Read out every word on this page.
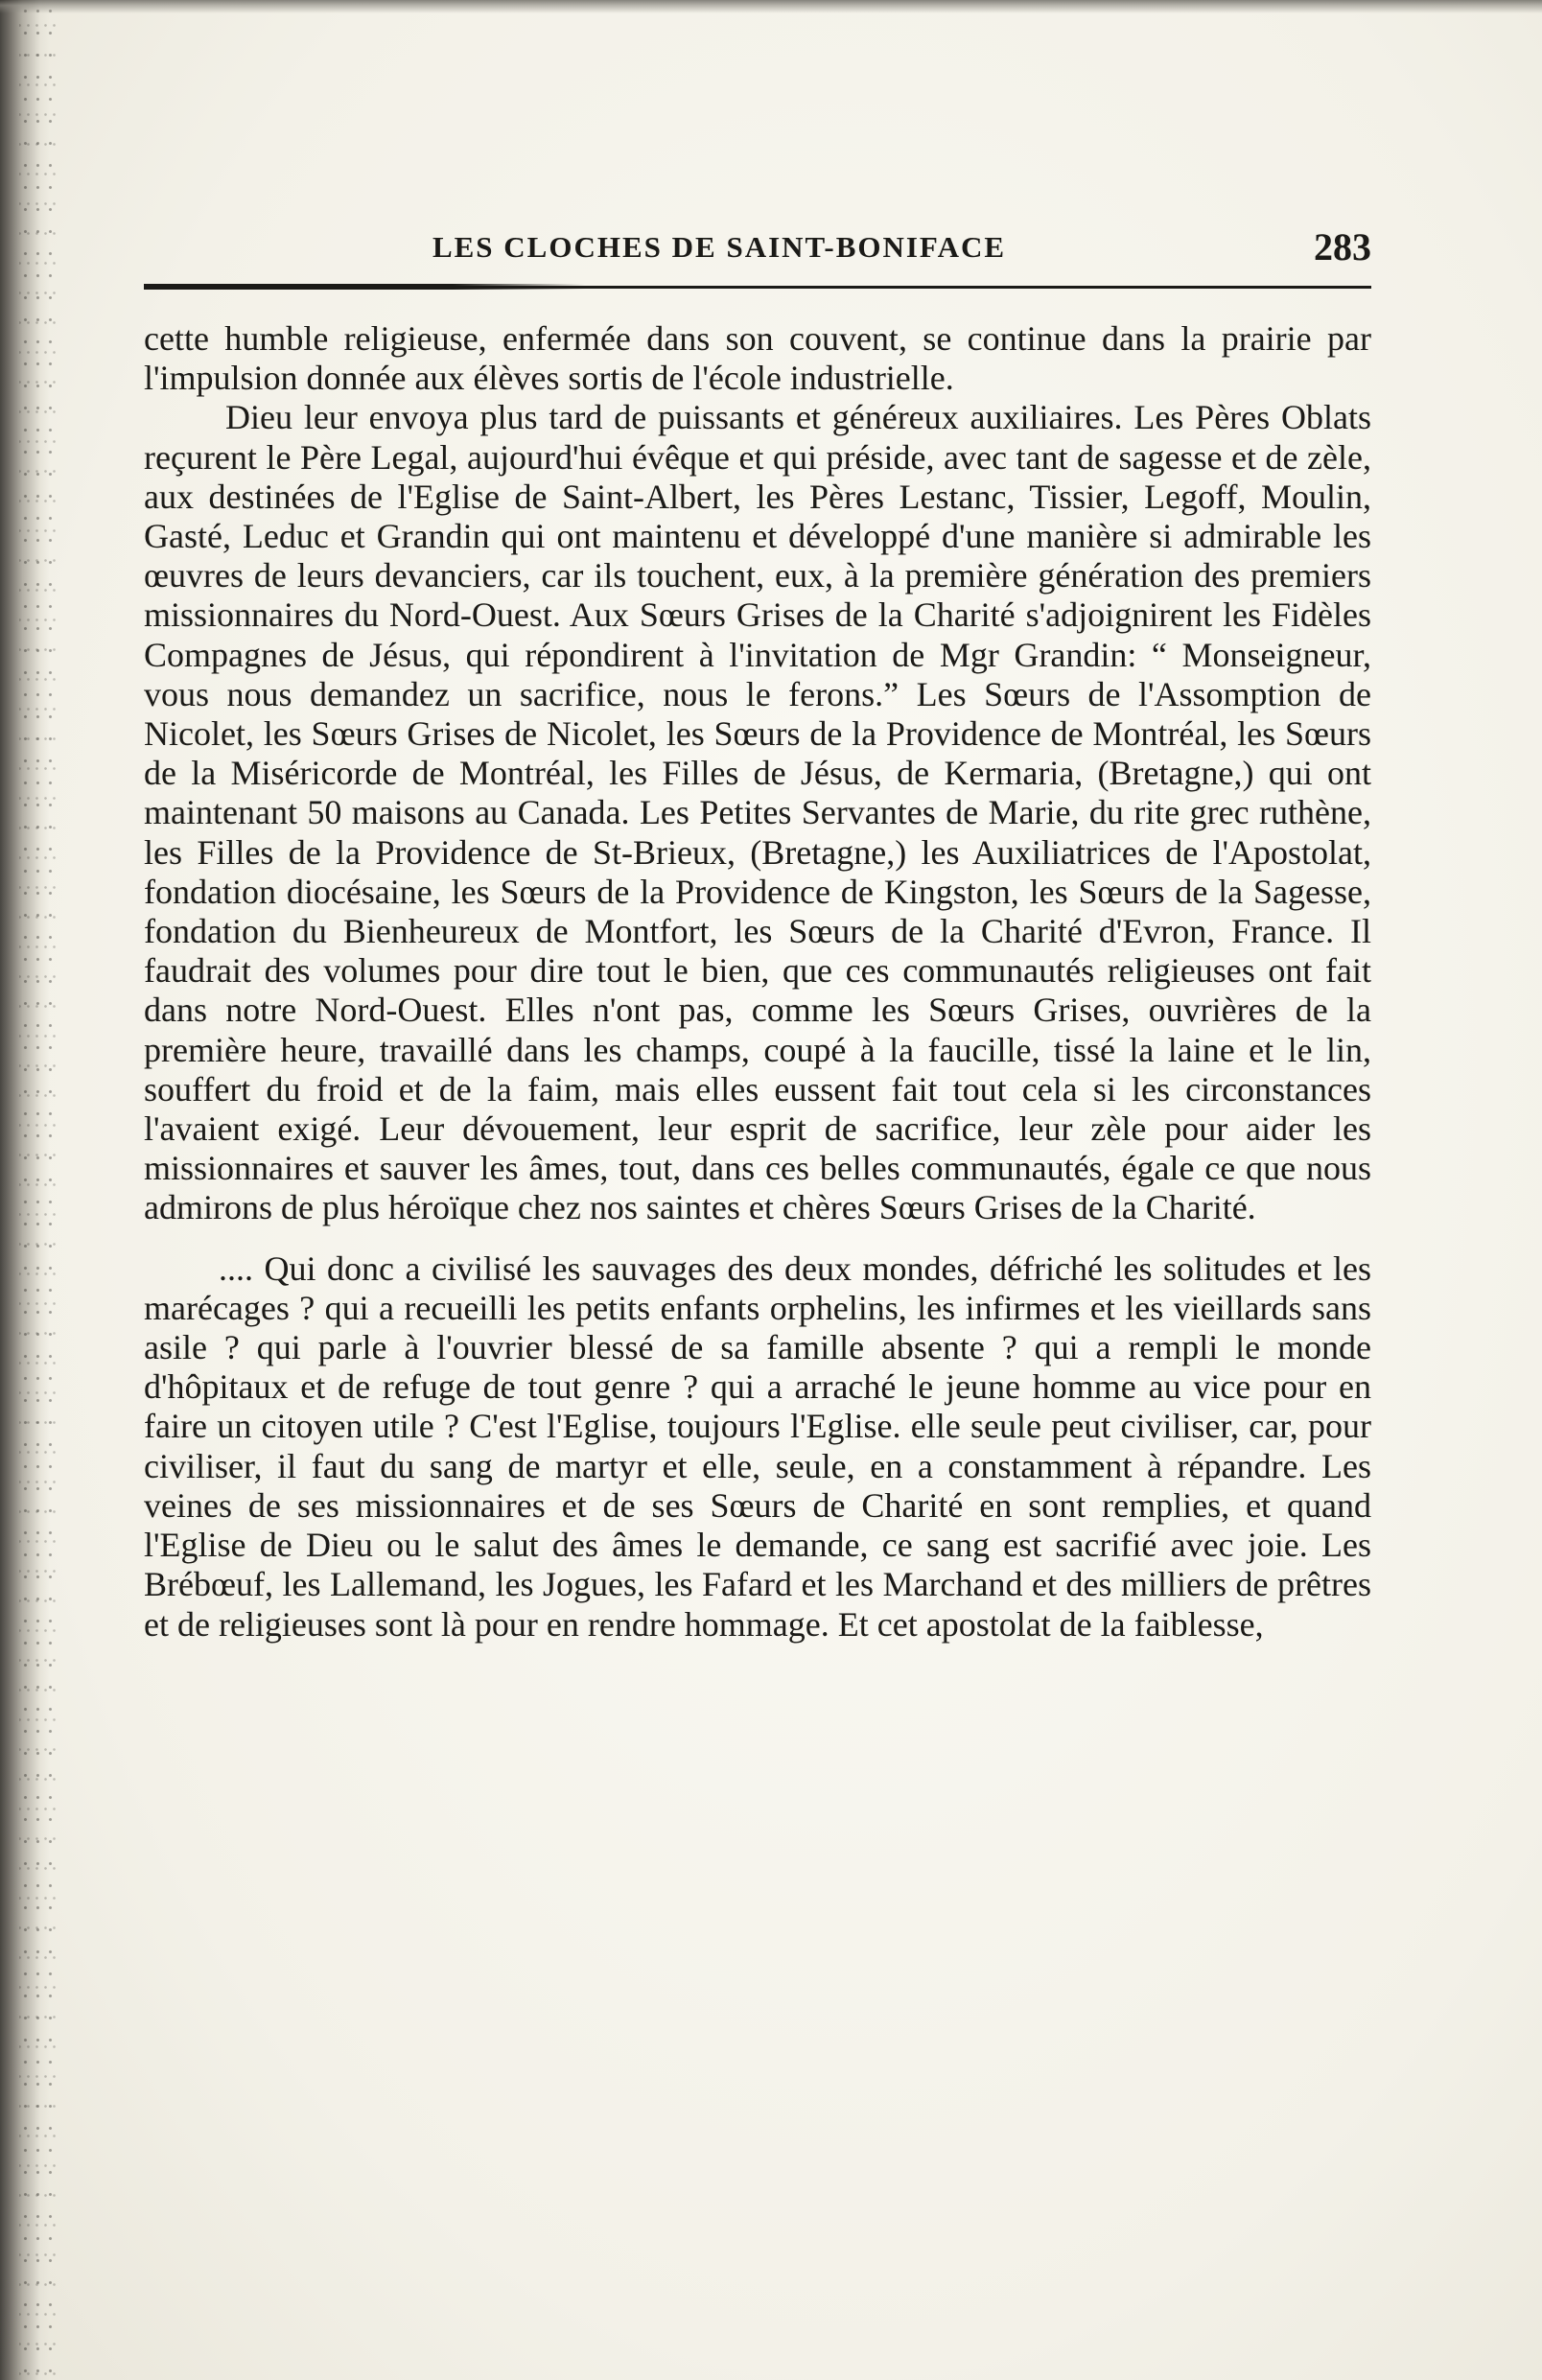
LES CLOCHES DE SAINT-BONIFACE	283

cette humble religieuse, enfermée dans son couvent, se continue dans la prairie par l'impulsion donnée aux élèves sortis de l'école industrielle.

Dieu leur envoya plus tard de puissants et généreux auxiliaires. Les Pères Oblats reçurent le Père Legal, aujourd'hui évêque et qui préside, avec tant de sagesse et de zèle, aux destinées de l'Eglise de Saint-Albert, les Pères Lestanc, Tissier, Legoff, Moulin, Gasté, Leduc et Grandin qui ont maintenu et développé d'une manière si admirable les œuvres de leurs devanciers, car ils touchent, eux, à la première génération des premiers missionnaires du Nord-Ouest. Aux Sœurs Grises de la Charité s'adjoignirent les Fidèles Compagnes de Jésus, qui répondirent à l'invitation de Mgr Grandin: “ Monseigneur, vous nous demandez un sacrifice, nous le ferons.” Les Sœurs de l'Assomption de Nicolet, les Sœurs Grises de Nicolet, les Sœurs de la Providence de Montréal, les Sœurs de la Miséricorde de Montréal, les Filles de Jésus, de Kermaria, (Bretagne,) qui ont maintenant 50 maisons au Canada. Les Petites Servantes de Marie, du rite grec ruthène, les Filles de la Providence de St-Brieux, (Bretagne,) les Auxiliatrices de l'Apostolat, fondation diocésaine, les Sœurs de la Providence de Kingston, les Sœurs de la Sagesse, fondation du Bienheureux de Montfort, les Sœurs de la Charité d'Evron, France. Il faudrait des volumes pour dire tout le bien, que ces communautés religieuses ont fait dans notre Nord-Ouest. Elles n'ont pas, comme les Sœurs Grises, ouvrières de la première heure, travaillé dans les champs, coupé à la faucille, tissé la laine et le lin, souffert du froid et de la faim, mais elles eussent fait tout cela si les circonstances l'avaient exigé. Leur dévouement, leur esprit de sacrifice, leur zèle pour aider les missionnaires et sauver les âmes, tout, dans ces belles communautés, égale ce que nous admirons de plus héroïque chez nos saintes et chères Sœurs Grises de la Charité.

.... Qui donc a civilisé les sauvages des deux mondes, défriché les solitudes et les marécages ? qui a recueilli les petits enfants orphelins, les infirmes et les vieillards sans asile ? qui parle à l'ouvrier blessé de sa famille absente ? qui a rempli le monde d'hôpitaux et de refuge de tout genre ? qui a arraché le jeune homme au vice pour en faire un citoyen utile ? C'est l'Eglise, toujours l'Eglise. elle seule peut civiliser, car, pour civiliser, il faut du sang de martyr et elle, seule, en a constamment à répandre. Les veines de ses missionnaires et de ses Sœurs de Charité en sont remplies, et quand l'Eglise de Dieu ou le salut des âmes le demande, ce sang est sacrifié avec joie. Les Brébœuf, les Lallemand, les Jogues, les Fafard et les Marchand et des milliers de prêtres et de religieuses sont là pour en rendre hommage. Et cet apostolat de la faiblesse,
